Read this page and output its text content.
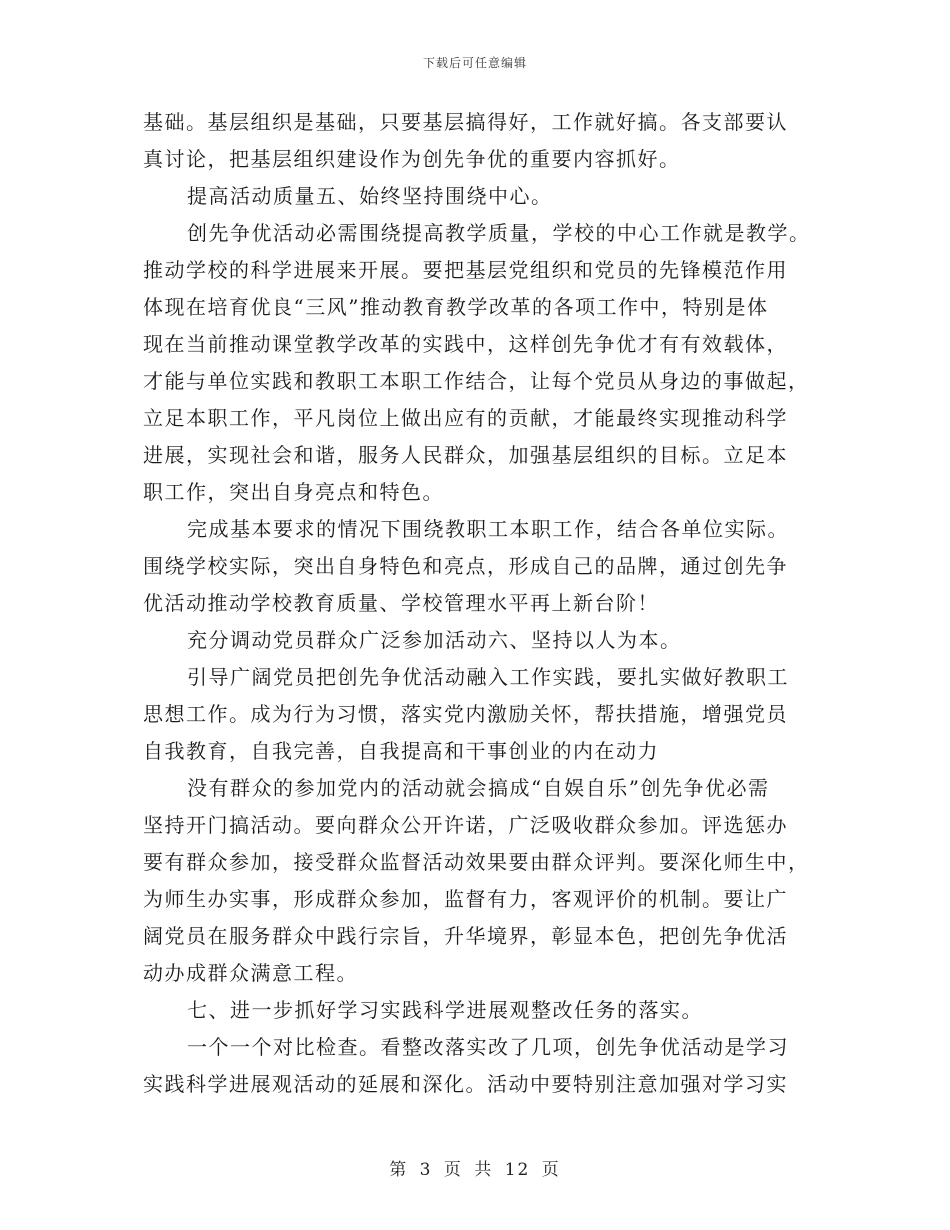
下载后可任意编辑
基础。基层组织是基础，只要基层搞得好，工作就好搞。各支部要认
真讨论，把基层组织建设作为创先争优的重要内容抓好。
提高活动质量五、始终坚持围绕中心。
创先争优活动必需围绕提高教学质量，学校的中心工作就是教学。
推动学校的科学进展来开展。要把基层党组织和党员的先锋模范作用
体现在培育优良“三风”推动教育教学改革的各项工作中，特别是体
现在当前推动课堂教学改革的实践中，这样创先争优才有有效载体，
才能与单位实践和教职工本职工作结合，让每个党员从身边的事做起，
立足本职工作，平凡岗位上做出应有的贡献，才能最终实现推动科学
进展，实现社会和谐，服务人民群众，加强基层组织的目标。立足本
职工作，突出自身亮点和特色。
完成基本要求的情况下围绕教职工本职工作，结合各单位实际。
围绕学校实际，突出自身特色和亮点，形成自己的品牌，通过创先争
优活动推动学校教育质量、学校管理水平再上新台阶！
充分调动党员群众广泛参加活动六、坚持以人为本。
引导广阔党员把创先争优活动融入工作实践，要扎实做好教职工
思想工作。成为行为习惯，落实党内激励关怀，帮扶措施，增强党员
自我教育，自我完善，自我提高和干事创业的内在动力
没有群众的参加党内的活动就会搞成“自娱自乐”创先争优必需
坚持开门搞活动。要向群众公开许诺，广泛吸收群众参加。评选惩办
要有群众参加，接受群众监督活动效果要由群众评判。要深化师生中，
为师生办实事，形成群众参加，监督有力，客观评价的机制。要让广
阔党员在服务群众中践行宗旨，升华境界，彰显本色，把创先争优活
动办成群众满意工程。
七、进一步抓好学习实践科学进展观整改任务的落实。
一个一个对比检查。看整改落实改了几项，创先争优活动是学习
实践科学进展观活动的延展和深化。活动中要特别注意加强对学习实
第 3 页 共 12 页
